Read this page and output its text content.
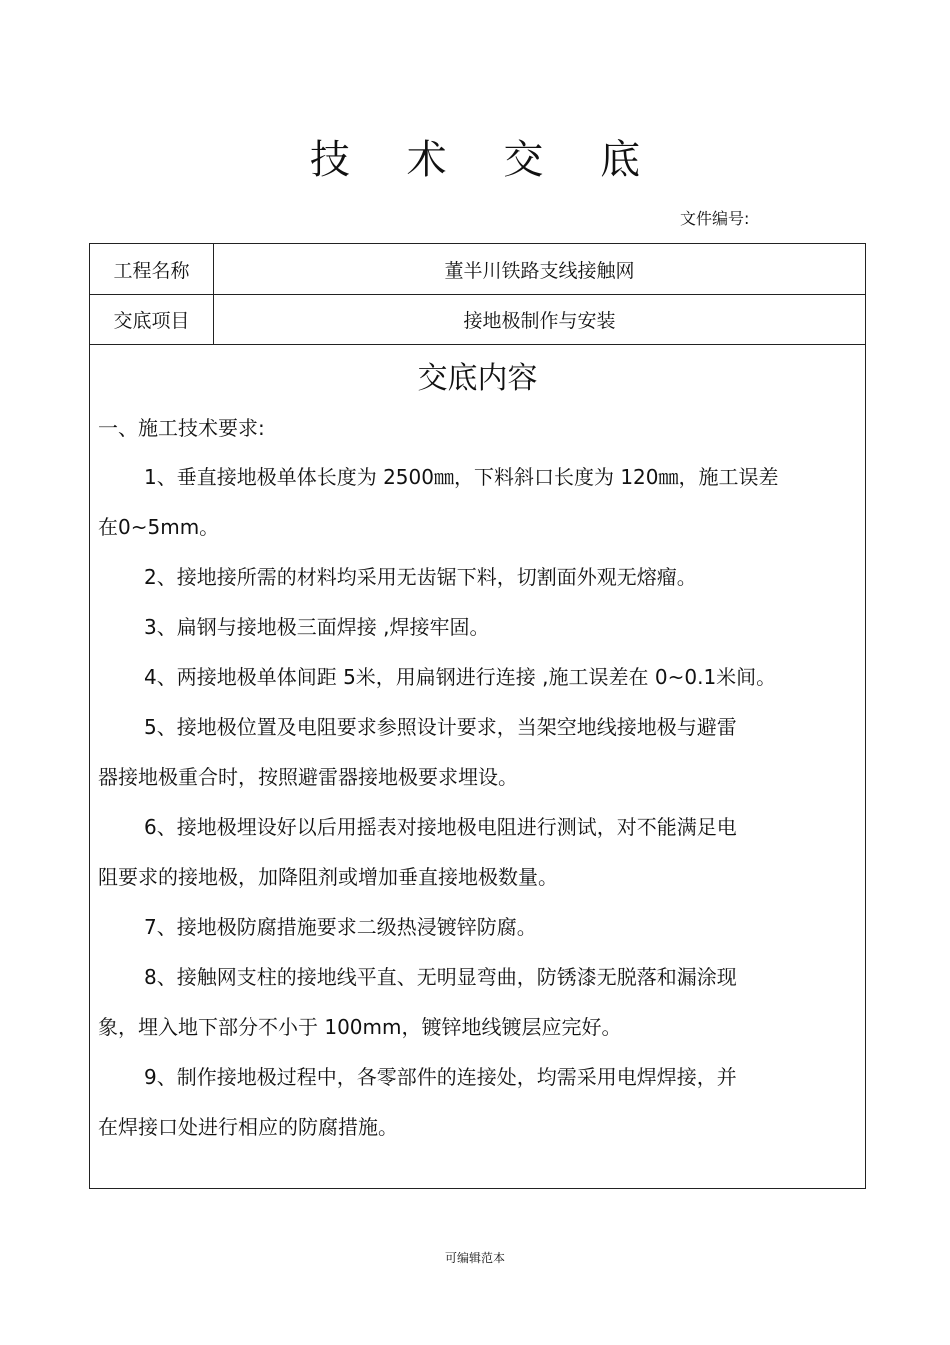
技 术 交 底
文件编号:
工程名称	董半川铁路支线接触网
交底项目	接地极制作与安装
交底内容
一、施工技术要求:
1、垂直接地极单体长度为 2500㎜，下料斜口长度为 120㎜，施工误差
在0~5mm。
2、接地接所需的材料均采用无齿锯下料，切割面外观无熔瘤。
3、扁钢与接地极三面焊接 ,焊接牢固。
4、两接地极单体间距 5米，用扁钢进行连接 ,施工误差在 0~0.1米间。
5、接地极位置及电阻要求参照设计要求，当架空地线接地极与避雷
器接地极重合时，按照避雷器接地极要求埋设。
6、接地极埋设好以后用摇表对接地极电阻进行测试，对不能满足电
阻要求的接地极，加降阻剂或增加垂直接地极数量。
7、接地极防腐措施要求二级热浸镀锌防腐。
8、接触网支柱的接地线平直、无明显弯曲，防锈漆无脱落和漏涂现
象，埋入地下部分不小于 100mm，镀锌地线镀层应完好。
9、制作接地极过程中，各零部件的连接处，均需采用电焊焊接，并
在焊接口处进行相应的防腐措施。
可编辑范本
